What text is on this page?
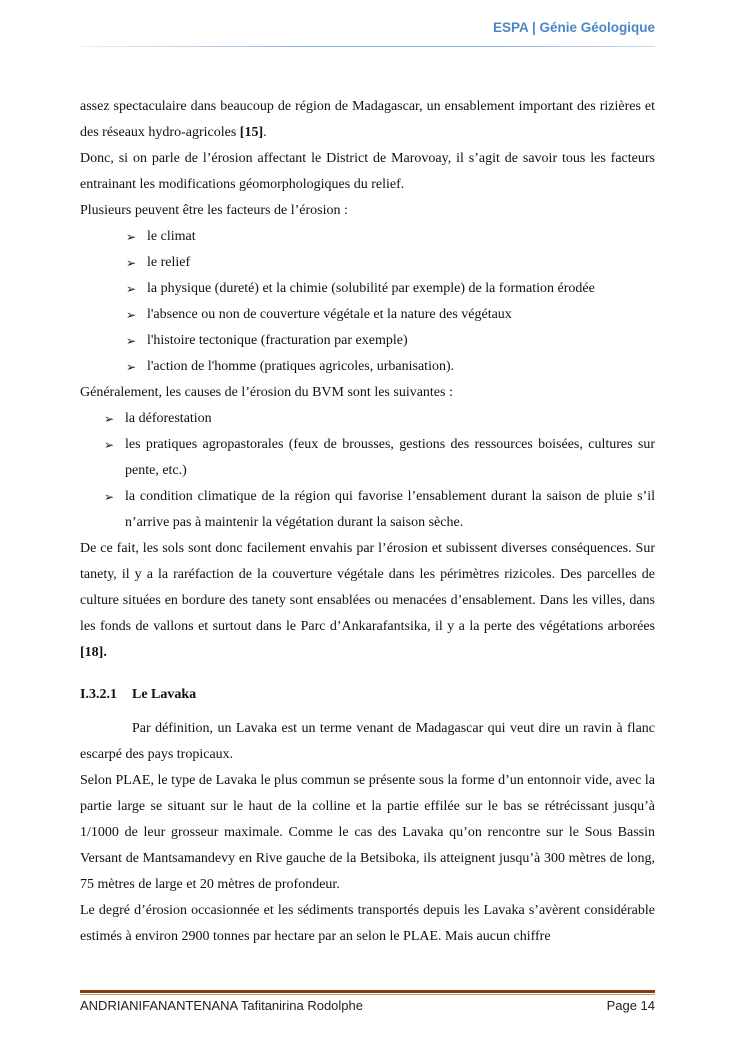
ESPA | Génie Géologique

assez spectaculaire dans beaucoup de région de Madagascar, un ensablement important des rizières et des réseaux hydro-agricoles [15].

Donc, si on parle de l’érosion affectant le District de Marovoay, il s’agit de savoir tous les facteurs entrainant les modifications géomorphologiques du relief.

Plusieurs peuvent être les facteurs de l’érosion :

➢ le climat
➢ le relief
➢ la physique (dureté) et la chimie (solubilité par exemple) de la formation érodée
➢ l'absence ou non de couverture végétale et la nature des végétaux
➢ l'histoire tectonique (fracturation par exemple)
➢ l'action de l'homme (pratiques agricoles, urbanisation).

Généralement, les causes de l’érosion du BVM sont les suivantes :

➢ la déforestation
➢ les pratiques agropastorales (feux de brousses, gestions des ressources boisées, cultures sur pente, etc.)
➢ la condition climatique de la région qui favorise l’ensablement durant la saison de pluie s’il n’arrive pas à maintenir la végétation durant la saison sèche.

De ce fait, les sols sont donc facilement envahis par l’érosion et subissent diverses conséquences. Sur tanety, il y a la raréfaction de la couverture végétale dans les périmètres rizicoles. Des parcelles de culture situées en bordure des tanety sont ensablées ou menacées d’ensablement. Dans les villes, dans les fonds de vallons et surtout dans le Parc d’Ankarafantsika, il y a la perte des végétations arborées [18].

I.3.2.1 Le Lavaka

Par définition, un Lavaka est un terme venant de Madagascar qui veut dire un ravin à flanc escarpé des pays tropicaux.

Selon PLAE, le type de Lavaka le plus commun se présente sous la forme d’un entonnoir vide, avec la partie large se situant sur le haut de la colline et la partie effilée sur le bas se rétrécissant jusqu’à 1/1000 de leur grosseur maximale. Comme le cas des Lavaka qu’on rencontre sur le Sous Bassin Versant de Mantsamandevy en Rive gauche de la Betsiboka, ils atteignent jusqu’à 300 mètres de long, 75 mètres de large et 20 mètres de profondeur.

Le degré d’érosion occasionnée et les sédiments transportés depuis les Lavaka s’avèrent considérable estimés à environ 2900 tonnes par hectare par an selon le PLAE. Mais aucun chiffre

ANDRIANIFANANTENANA Tafitanirina Rodolphe	Page 14
